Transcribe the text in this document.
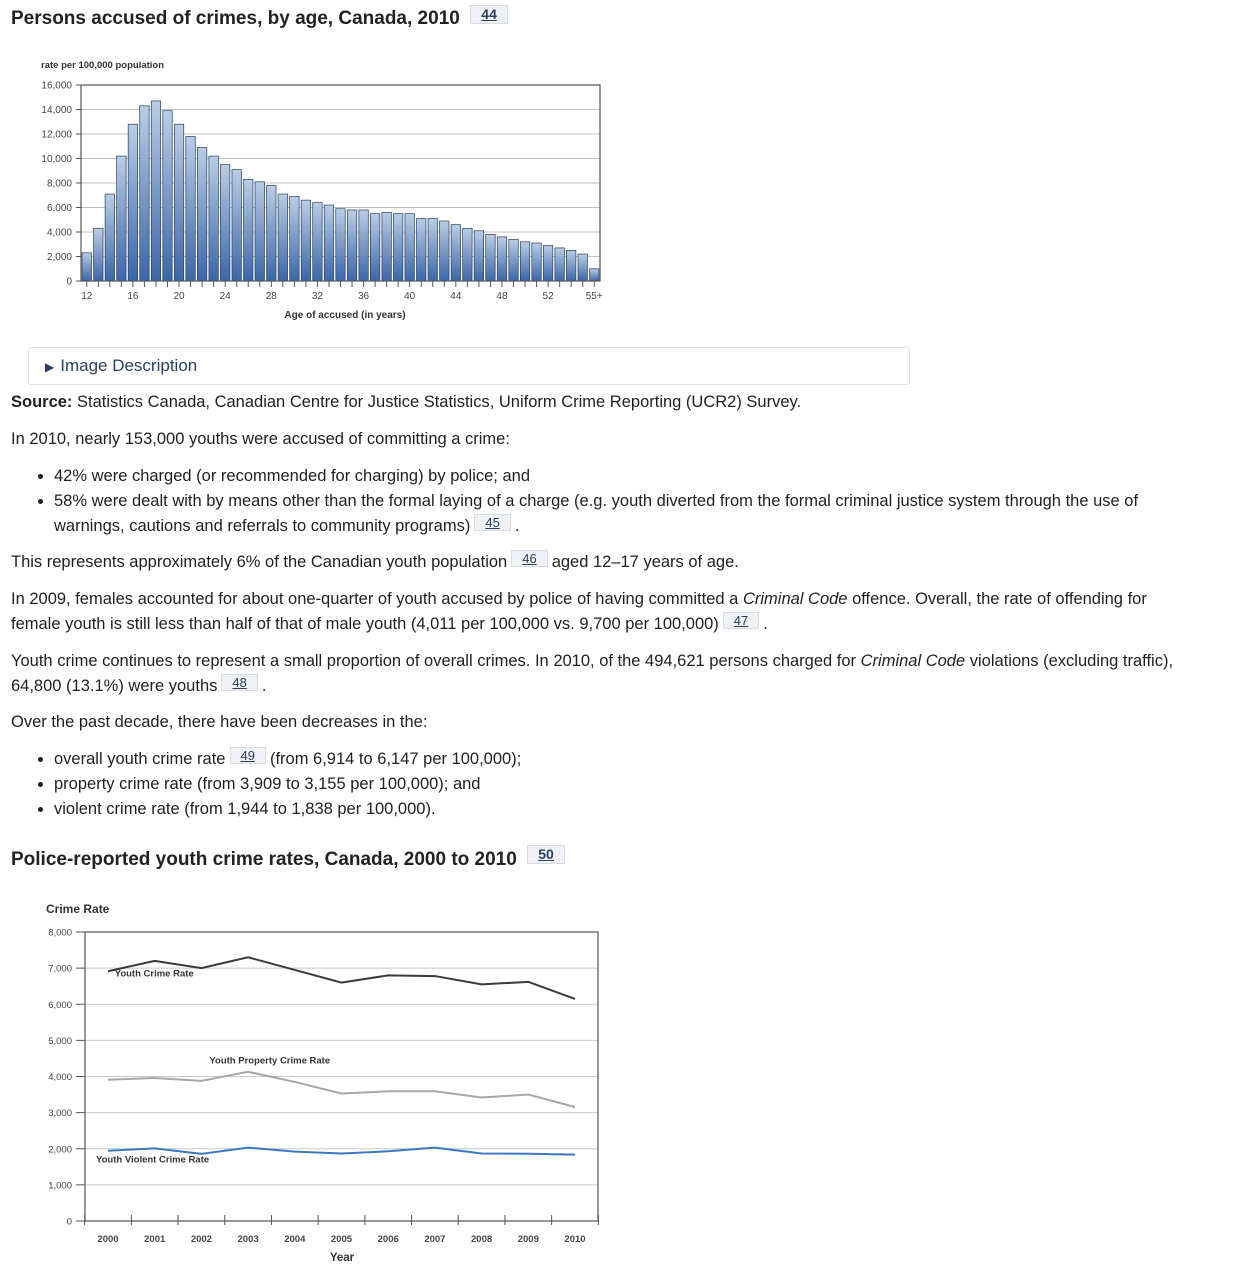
Persons accused of crimes, by age, Canada, 2010 44
0
2,000
4,000
6,000
8,000
10,000
12,000
14,000
16,000
12	16	20	24	28	32	36	40	44	48	52	55+
rate per 100,000 population
Age of accused (in years)
▶ Image Description

Source: Statistics Canada, Canadian Centre for Justice Statistics, Uniform Crime Reporting (UCR2) Survey.

In 2010, nearly 153,000 youths were accused of committing a crime:

• 42% were charged (or recommended for charging) by police; and
• 58% were dealt with by means other than the formal laying of a charge (e.g. youth diverted from the formal criminal justice system through the use of
warnings, cautions and referrals to community programs) 45 .

This represents approximately 6% of the Canadian youth population 46 aged 12–17 years of age.

In 2009, females accounted for about one-quarter of youth accused by police of having committed a Criminal Code offence. Overall, the rate of offending for
female youth is still less than half of that of male youth (4,011 per 100,000 vs. 9,700 per 100,000) 47 .

Youth crime continues to represent a small proportion of overall crimes. In 2010, of the 494,621 persons charged for Criminal Code violations (excluding traffic),
64,800 (13.1%) were youths 48 .

Over the past decade, there have been decreases in the:

• overall youth crime rate 49 (from 6,914 to 6,147 per 100,000);
• property crime rate (from 3,909 to 3,155 per 100,000); and
• violent crime rate (from 1,944 to 1,838 per 100,000).
Police-reported youth crime rates, Canada, 2000 to 2010 50
Youth Crime Rate
Youth Property Crime Rate
Youth Violent Crime Rate
0
1,000
2,000
3,000
4,000
5,000
6,000
7,000
8,000
2000	2001	2002	2003	2004	2005	2006	2007	2008	2009	2010
Crime Rate
Year
